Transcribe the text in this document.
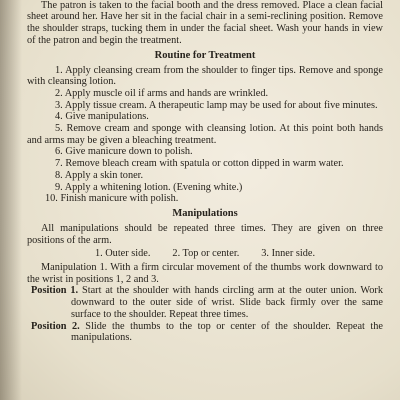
The patron is taken to the facial booth and the dress removed. Place a clean facial sheet around her. Have her sit in the facial chair in a semi-reclining position. Remove the shoulder straps, tucking them in under the facial sheet. Wash your hands in view of the patron and begin the treatment.

Routine for Treatment
1. Apply cleansing cream from the shoulder to finger tips. Remove and sponge with cleansing lotion.
2. Apply muscle oil if arms and hands are wrinkled.
3. Apply tissue cream. A therapeutic lamp may be used for about five minutes.
4. Give manipulations.
5. Remove cream and sponge with cleansing lotion. At this point both hands and arms may be given a bleaching treatment.
6. Give manicure down to polish.
7. Remove bleach cream with spatula or cotton dipped in warm water.
8. Apply a skin toner.
9. Apply a whitening lotion. (Evening white.)
10. Finish manicure with polish.
Manipulations

All manipulations should be repeated three times. They are given on three positions of the arm.

1. Outer side. 2. Top or center. 3. Inner side.

Manipulation 1. With a firm circular movement of the thumbs work downward to the wrist in positions 1, 2 and 3.

Position 1. Start at the shoulder with hands circling arm at the outer union. Work downward to the outer side of wrist. Slide back firmly over the same surface to the shoulder. Repeat three times.

Position 2. Slide the thumbs to the top or center of the shoulder. Repeat the manipulations.
